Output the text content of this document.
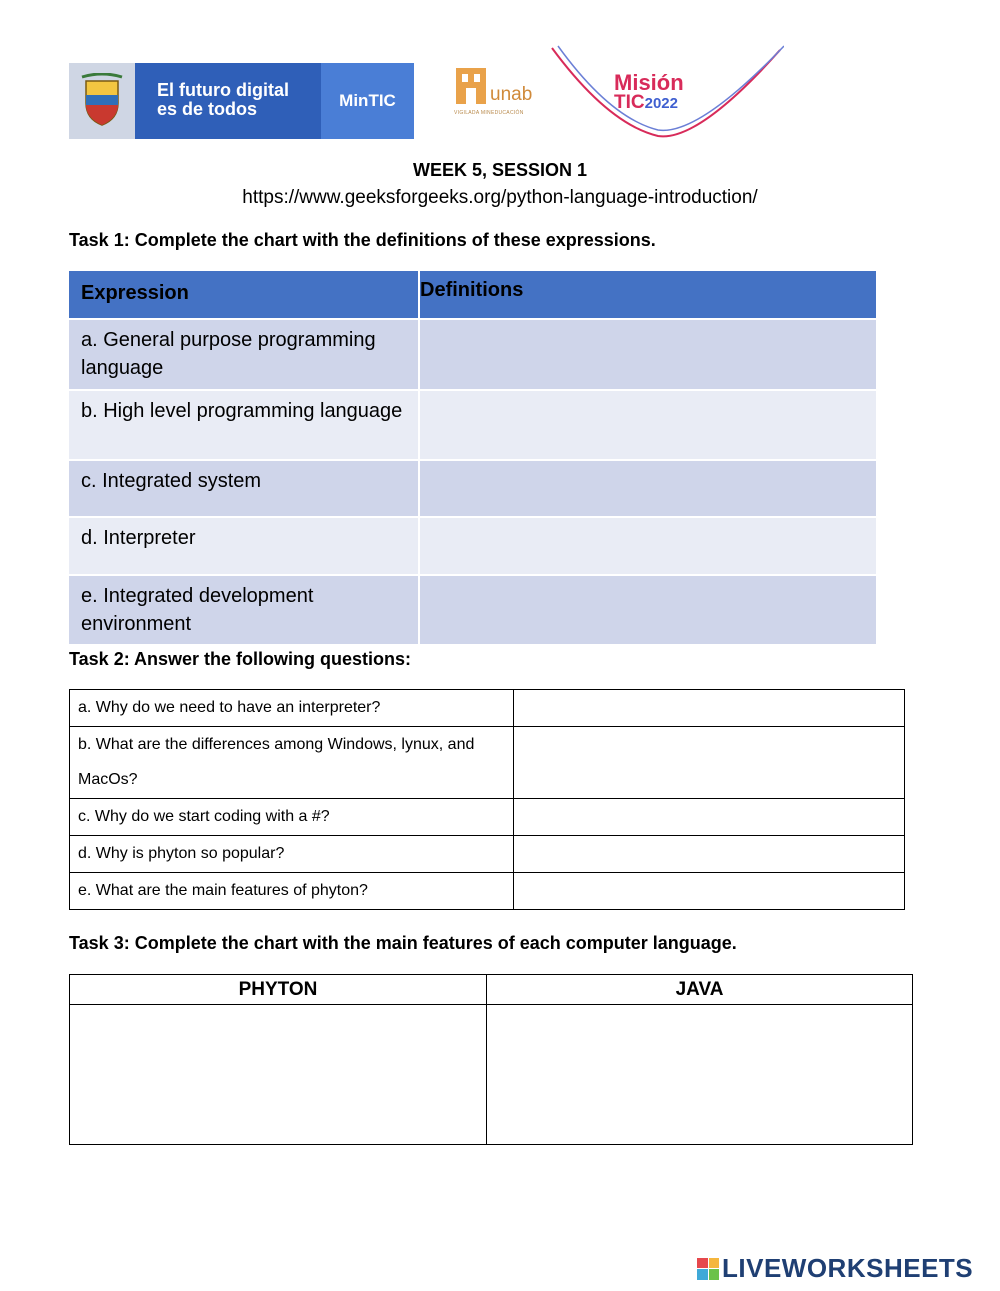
El futuro digital
es de todos	MinTIC	unab
VIGILADA MINEDUCACIÓN
Misión
TIC2022
WEEK 5, SESSION 1
https://www.geeksforgeeks.org/python-language-introduction/
Task 1: Complete the chart with the definitions of these expressions.
Expression	Definitions
a. General purpose programming language
b. High level programming language
c. Integrated system
d. Interpreter
e. Integrated development environment
Task 2: Answer the following questions:
a. Why do we need to have an interpreter?	
b. What are the differences among Windows, lynux, and MacOs?	
c. Why do we start coding with a #?	
d. Why is phyton so popular?	
e. What are the main features of phyton?	
Task 3: Complete the chart with the main features of each computer language.
PHYTON	JAVA

LIVEWORKSHEETS
